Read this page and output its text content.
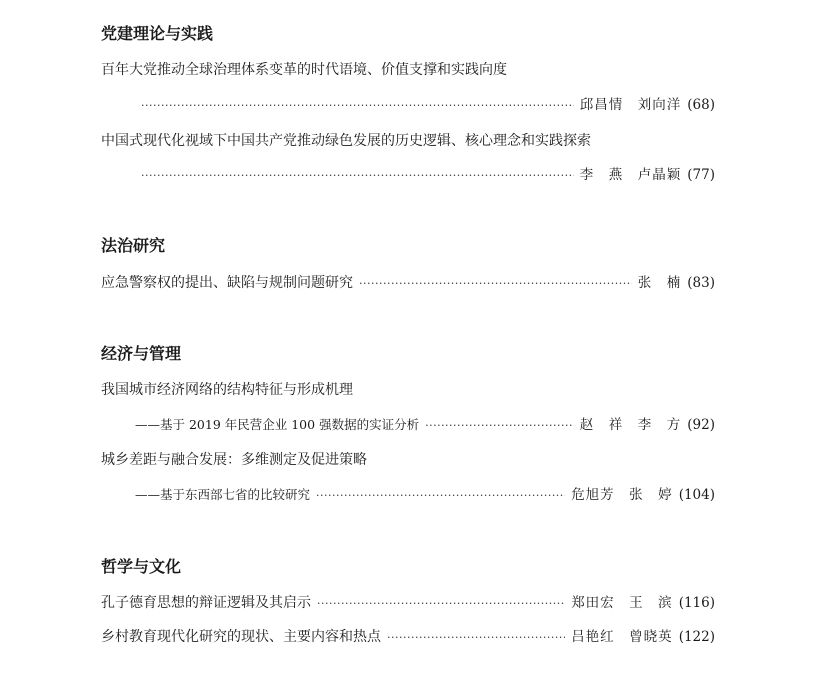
党建理论与实践
百年大党推动全球治理体系变革的时代语境、价值支撑和实践向度
·····
邱昌情　刘向洋 (68)
中国式现代化视域下中国共产党推动绿色发展的历史逻辑、核心理念和实践探索
·····
李　燕　卢晶颖 (77)
法治研究
应急警察权的提出、缺陷与规制问题研究 ·····	张　楠 (83)
经济与管理
我国城市经济网络的结构特征与形成机理
——基于 2019 年民营企业 100 强数据的实证分析 ·····	赵　祥　李　方 (92)
城乡差距与融合发展：多维测定及促进策略
——基于东西部七省的比较研究 ·····	危旭芳　张　婷 (104)
哲学与文化
孔子德育思想的辩证逻辑及其启示 ·····	郑田宏　王　滨 (116)
乡村教育现代化研究的现状、主要内容和热点 ·····	吕艳红　曾晓英 (122)
